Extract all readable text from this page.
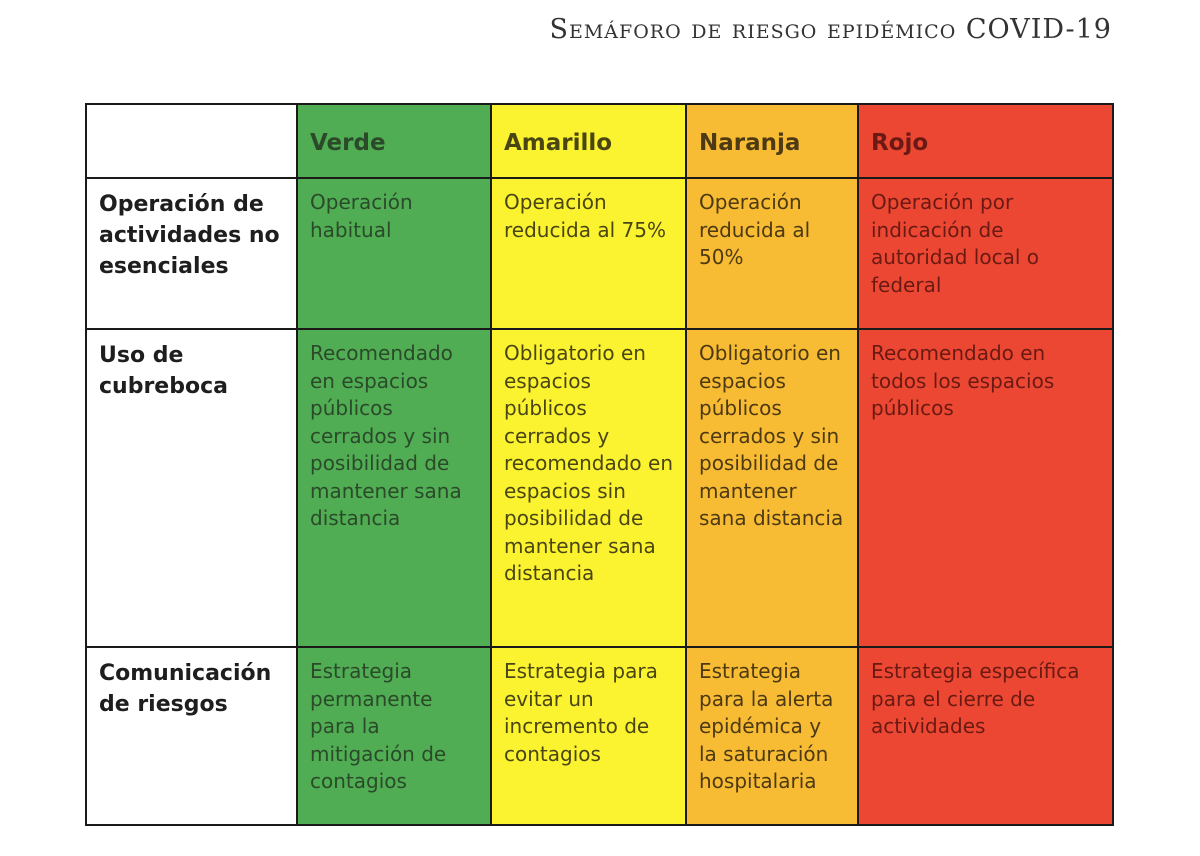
Semáforo de riesgo epidémico COVID-19
	Verde	Amarillo	Naranja	Rojo
Operación de actividades no esenciales	Operación habitual	Operación reducida al 75%	Operación reducida al 50%	Operación por indicación de autoridad local o federal
Uso de cubreboca	Recomendado en espacios públicos cerrados y sin posibilidad de mantener sana distancia	Obligatorio en espacios públicos cerrados y recomendado en espacios sin posibilidad de mantener sana distancia	Obligatorio en espacios públicos cerrados y sin posibilidad de mantener sana distancia	Recomendado en todos los espacios públicos
Comunicación de riesgos	Estrategia permanente para la mitigación de contagios	Estrategia para evitar un incremento de contagios	Estrategia para la alerta epidémica y la saturación hospitalaria	Estrategia específica para el cierre de actividades
